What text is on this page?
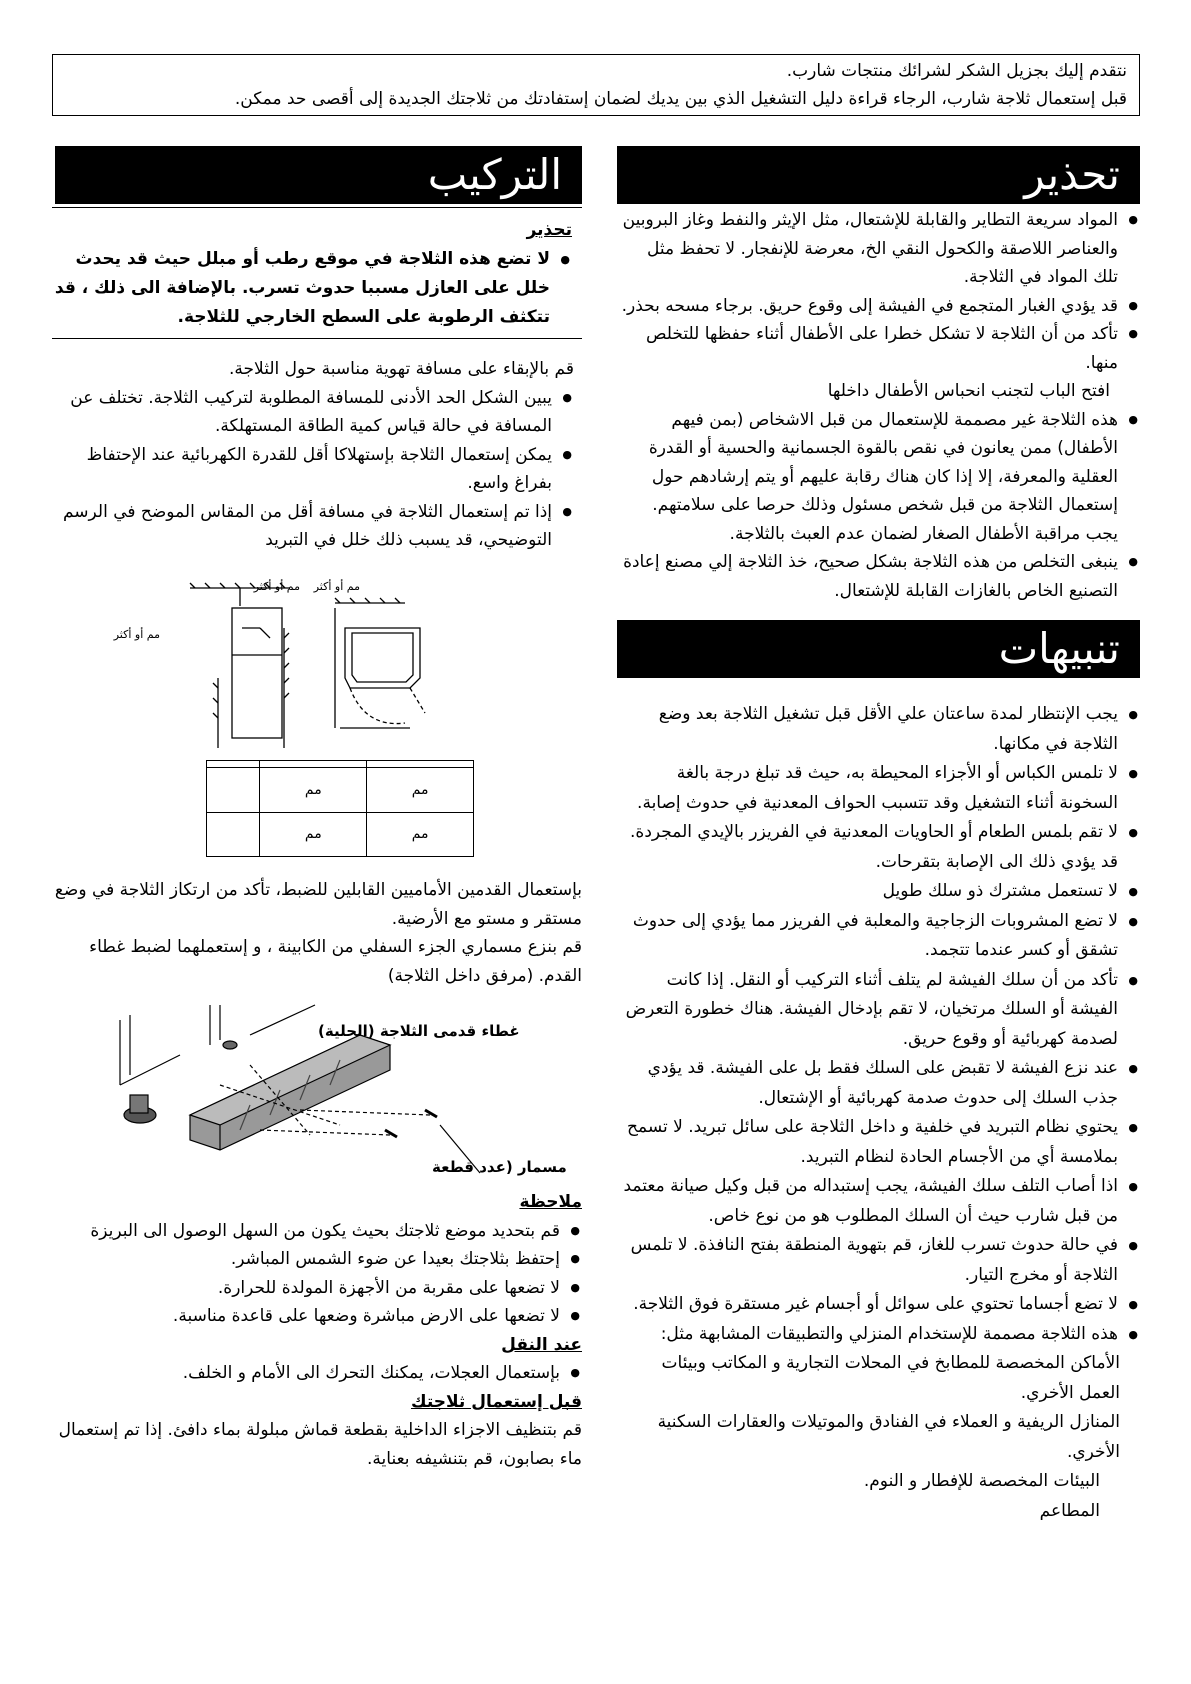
نتقدم إليك بجزيل الشكر لشرائك منتجات شارب.
قبل إستعمال ثلاجة شارب، الرجاء قراءة دليل التشغيل الذي بين يديك لضمان إستفادتك من ثلاجتك الجديدة إلى أقصى حد ممكن.
تحذير
● المواد سريعة التطاير والقابلة للإشتعال، مثل الإيثر والنفط وغاز البروبين والعناصر اللاصقة والكحول النقي الخ، معرضة للإنفجار. لا تحفظ مثل تلك المواد في الثلاجة.
● قد يؤدي الغبار المتجمع في الفيشة إلى وقوع حريق. برجاء مسحه بحذر.
● تأكد من أن الثلاجة لا تشكل خطرا على الأطفال أثناء حفظها للتخلص منها.
افتح الباب لتجنب انحباس الأطفال داخلها
● هذه الثلاجة غير مصممة للإستعمال من قبل الاشخاص (بمن فيهم الأطفال) ممن يعانون في نقص بالقوة الجسمانية والحسية أو القدرة العقلية والمعرفة، إلا إذا كان هناك رقابة عليهم أو يتم إرشادهم حول إستعمال الثلاجة من قبل شخص مسئول وذلك حرصا على سلامتهم. يجب مراقبة الأطفال الصغار لضمان عدم العبث بالثلاجة.
● ينبغى التخلص من هذه الثلاجة بشكل صحيح، خذ الثلاجة إلي مصنع إعادة التصنيع الخاص بالغازات القابلة للإشتعال.
تنبيهات
● يجب الإنتظار لمدة ساعتان علي الأقل قبل تشغيل الثلاجة بعد وضع الثلاجة في مكانها.
● لا تلمس الكباس أو الأجزاء المحيطة به، حيث قد تبلغ درجة بالغة السخونة أثناء التشغيل وقد تتسبب الحواف المعدنية في حدوث إصابة.
● لا تقم بلمس الطعام أو الحاويات المعدنية في الفريزر بالإيدي المجردة. قد يؤدي ذلك الى الإصابة بتقرحات.
● لا تستعمل مشترك ذو سلك طويل
● لا تضع المشروبات الزجاجية والمعلبة في الفريزر مما يؤدي إلى حدوث تشقق أو كسر عندما تتجمد.
● تأكد من أن سلك الفيشة لم يتلف أثناء التركيب أو النقل. إذا كانت الفيشة أو السلك مرتخيان، لا تقم بإدخال الفيشة. هناك خطورة التعرض لصدمة كهربائية أو وقوع حريق.
● عند نزع الفيشة لا تقبض على السلك فقط بل على الفيشة. قد يؤدي جذب السلك إلى حدوث صدمة كهربائية أو الإشتعال.
● يحتوي نظام التبريد في خلفية و داخل الثلاجة على سائل تبريد. لا تسمح بملامسة أي من الأجسام الحادة لنظام التبريد.
● اذا أصاب التلف سلك الفيشة، يجب إستبداله من قبل وكيل صيانة معتمد من قبل شارب حيث أن السلك المطلوب هو من نوع خاص.
● في حالة حدوث تسرب للغاز، قم بتهوية المنطقة بفتح النافذة. لا تلمس الثلاجة أو مخرج التيار.
● لا تضع أجساما تحتوي على سوائل أو أجسام غير مستقرة فوق الثلاجة.
● هذه الثلاجة مصممة للإستخدام المنزلي والتطبيقات المشابهة مثل:
الأماكن المخصصة للمطابخ في المحلات التجارية و المكاتب وبيئات العمل الأخري.
المنازل الريفية و العملاء في الفنادق والموتيلات والعقارات السكنية الأخري.
البيئات المخصصة للإفطار و النوم.
المطاعم
التركيب
تحذير
● لا تضع هذه الثلاجة في موقع رطب أو مبلل حيث قد يحدث خلل على العازل مسببا حدوث تسرب. بالإضافة الى ذلك ، قد تتكثف الرطوبة على السطح الخارجي للثلاجة.
قم بالإبقاء على مسافة تهوية مناسبة حول الثلاجة.
● يبين الشكل الحد الأدنى للمسافة المطلوبة لتركيب الثلاجة. تختلف عن المسافة في حالة قياس كمية الطاقة المستهلكة.
● يمكن إستعمال الثلاجة بإستهلاكا أقل للقدرة الكهربائية عند الإحتفاظ بفراغ واسع.
● إذا تم إستعمال الثلاجة في مسافة أقل من المقاس الموضح في الرسم التوضيحي، قد يسبب ذلك خلل في التبريد
مم أو أكثر مم أو أكثر
مم أو أكثر

مم	مم	
مم	مم	
بإستعمال القدمين الأماميين القابلين للضبط، تأكد من ارتكاز الثلاجة في وضع مستقر و مستو مع الأرضية.
قم بنزع مسماري الجزء السفلي من الكابينة ، و إستعملهما لضبط غطاء القدم. (مرفق داخل الثلاجة)
غطاء قدمى الثلاجة (الحلية)
مسمار (عدد قطعة
ملاحظة
● قم بتحديد موضع ثلاجتك بحيث يكون من السهل الوصول الى البريزة
● إحتفظ بثلاجتك بعيدا عن ضوء الشمس المباشر.
● لا تضعها على مقربة من الأجهزة المولدة للحرارة.
● لا تضعها على الارض مباشرة وضعها على قاعدة مناسبة.
عند النقل
● بإستعمال العجلات، يمكنك التحرك الى الأمام و الخلف.
قبل إستعمال ثلاجتك
قم بتنظيف الاجزاء الداخلية بقطعة قماش مبلولة بماء دافئ. إذا تم إستعمال ماء بصابون، قم بتنشيفه بعناية.
